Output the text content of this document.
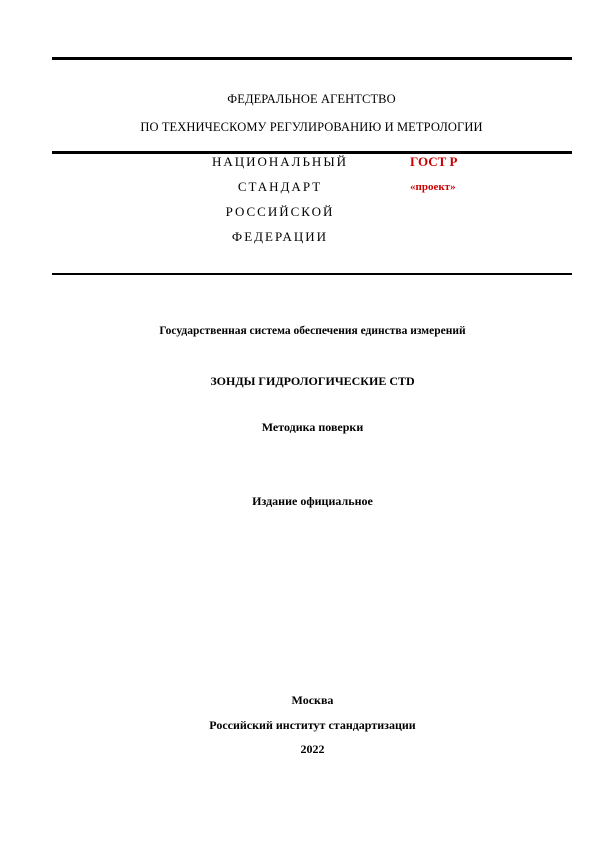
ФЕДЕРАЛЬНОЕ АГЕНТСТВО
ПО ТЕХНИЧЕСКОМУ РЕГУЛИРОВАНИЮ И МЕТРОЛОГИИ
НАЦИОНАЛЬНЫЙ
СТАНДАРТ
РОССИЙСКОЙ
ФЕДЕРАЦИИ
ГОСТ Р
«проект»
Государственная система обеспечения единства измерений
ЗОНДЫ ГИДРОЛОГИЧЕСКИЕ CTD
Методика поверки
Издание официальное
Москва
Российский институт стандартизации
2022
